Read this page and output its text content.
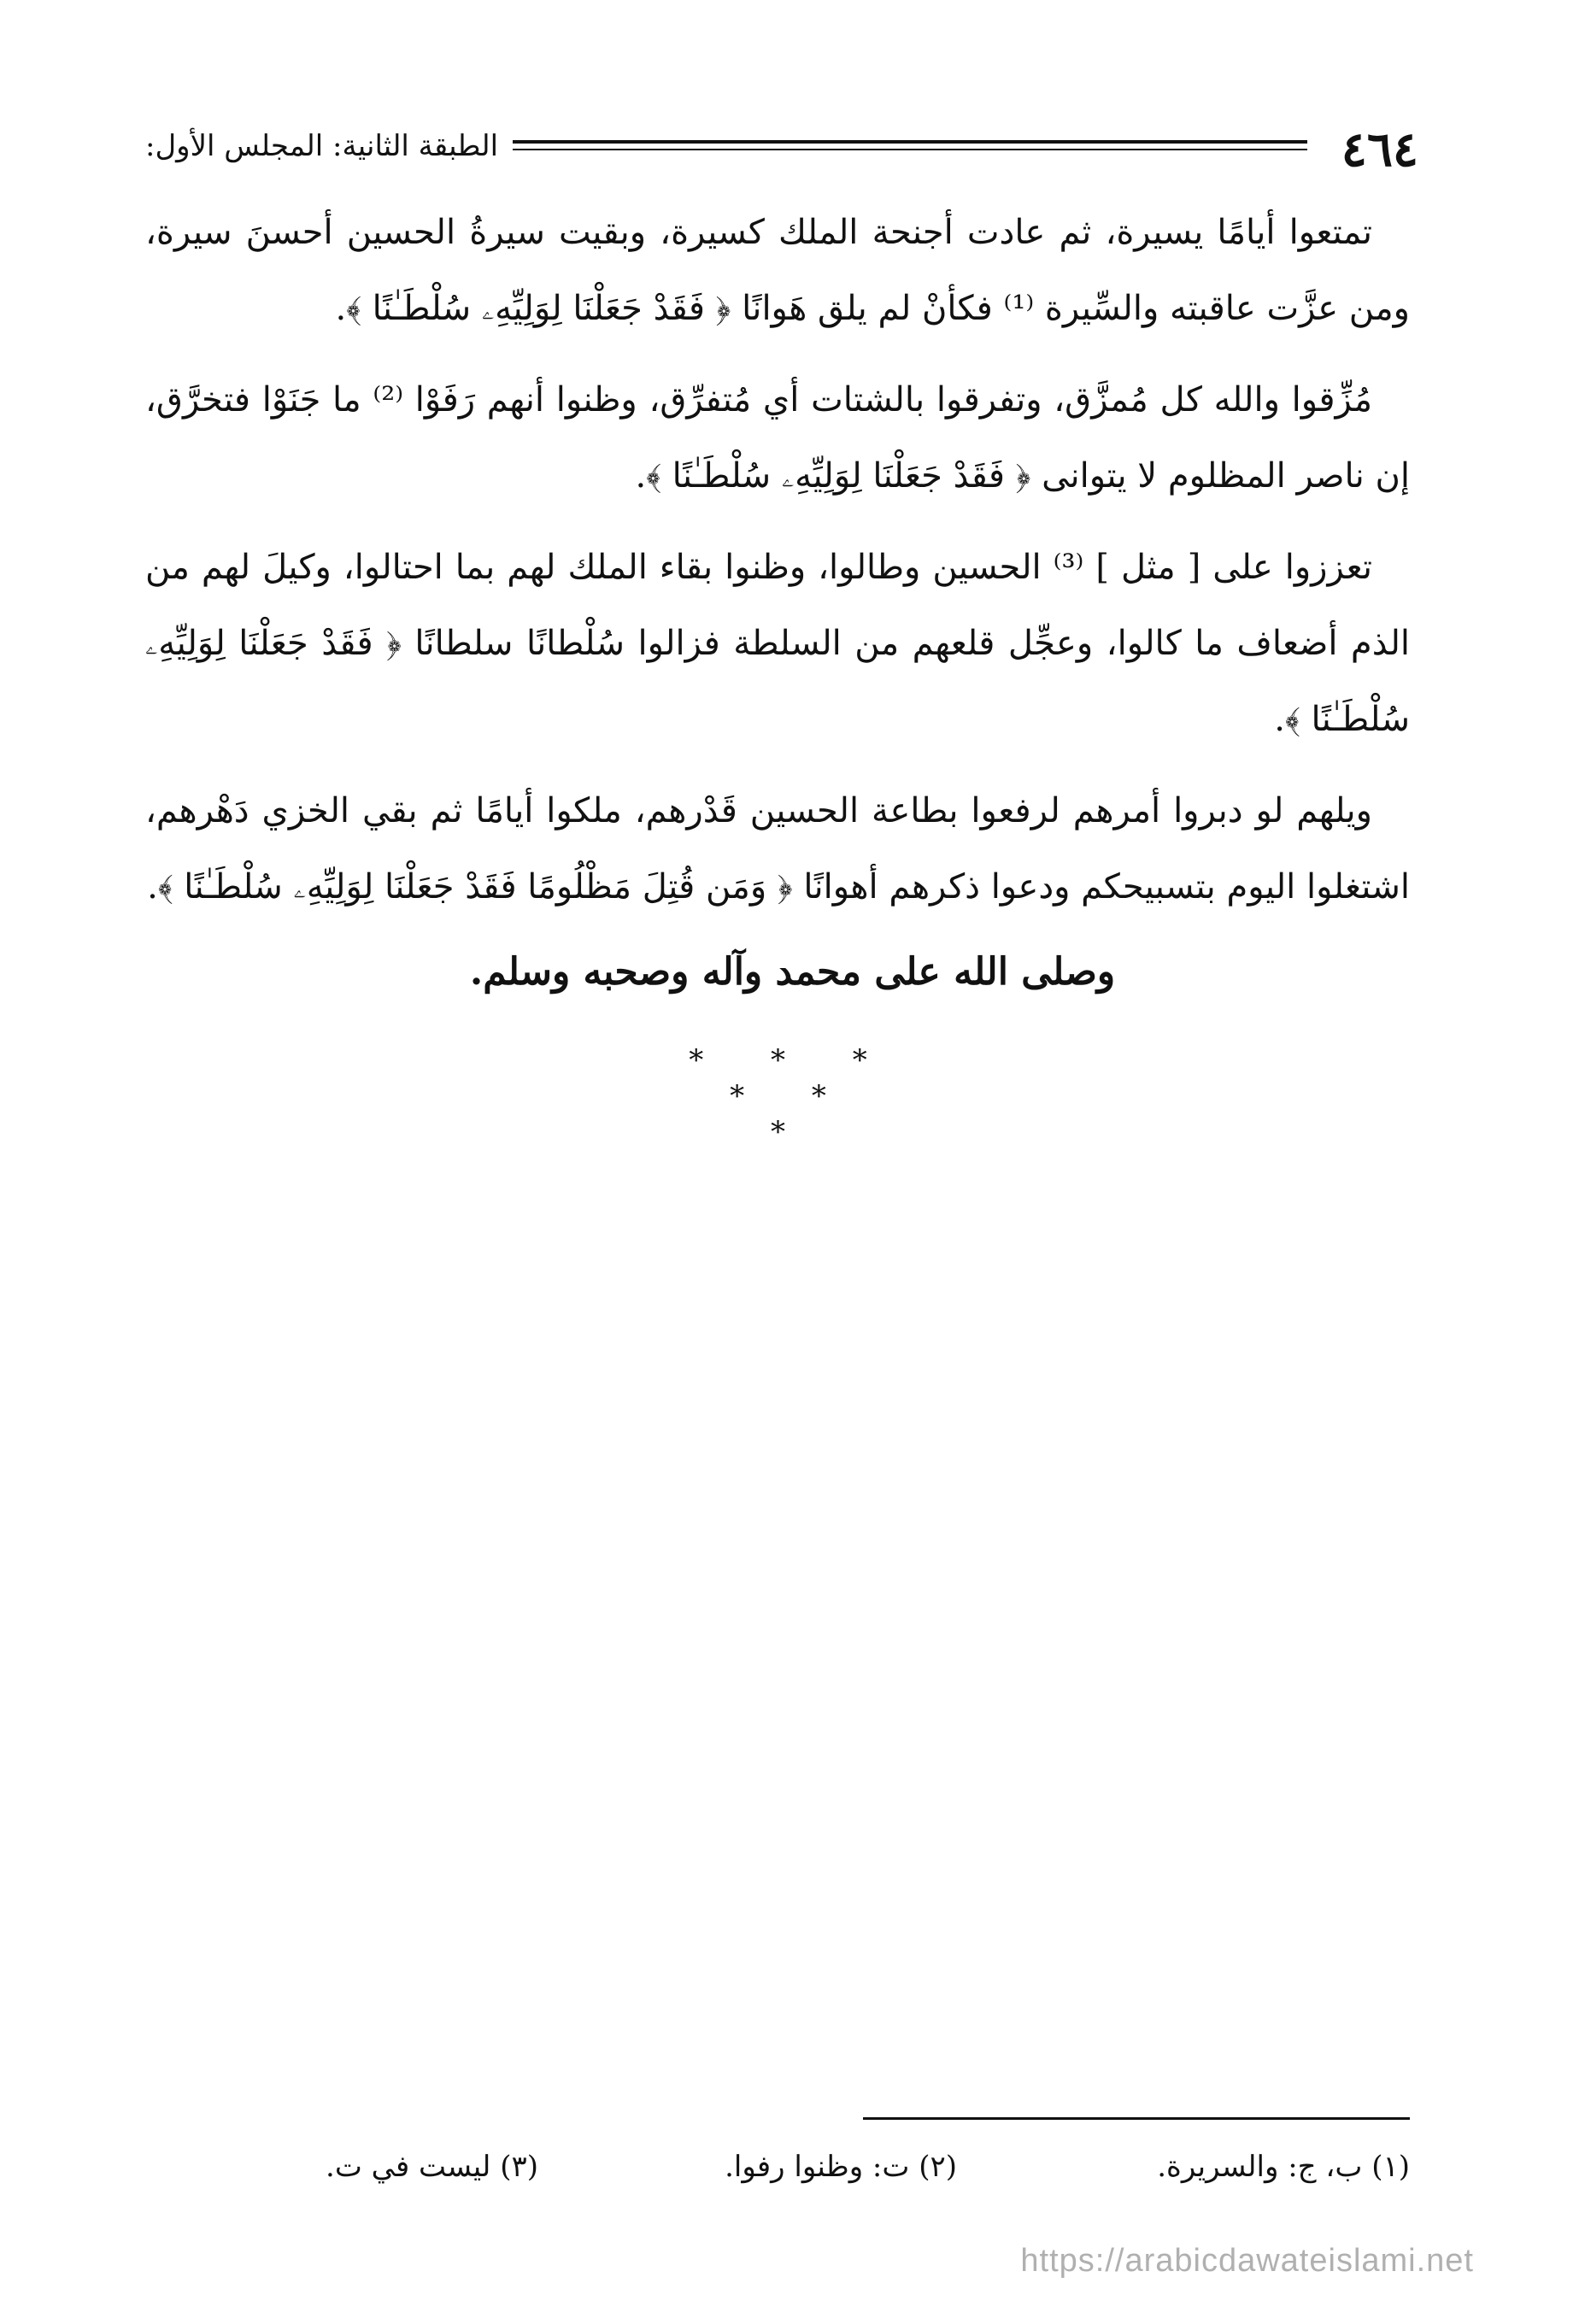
٤٦٤
الطبقة الثانية: المجلس الأول:

تمتعوا أيامًا يسيرة، ثم عادت أجنحة الملك كسيرة، وبقيت سيرةُ الحسين أحسنَ سيرة، ومن عزَّت عاقبته والسِّيرة ⁽¹⁾ فكأنْ لم يلق هَوانًا ﴿ فَقَدْ جَعَلْنَا لِوَلِيِّهِۦ سُلْطَـٰنًا ﴾.

مُزِّقوا والله كل مُمزَّق، وتفرقوا بالشتات أي مُتفرِّق، وظنوا أنهم رَفَوْا ⁽²⁾ ما جَنَوْا فتخرَّق، إن ناصر المظلوم لا يتوانى ﴿ فَقَدْ جَعَلْنَا لِوَلِيِّهِۦ سُلْطَـٰنًا ﴾.

تعززوا على [ مثل ] ⁽³⁾ الحسين وطالوا، وظنوا بقاء الملك لهم بما احتالوا، وكيلَ لهم من الذم أضعاف ما كالوا، وعجِّل قلعهم من السلطة فزالوا سُلْطانًا سلطانًا ﴿ فَقَدْ جَعَلْنَا لِوَلِيِّهِۦ سُلْطَـٰنًا ﴾.

ويلهم لو دبروا أمرهم لرفعوا بطاعة الحسين قَدْرهم، ملكوا أيامًا ثم بقي الخزي دَهْرهم، اشتغلوا اليوم بتسبيحكم ودعوا ذكرهم أهوانًا ﴿ وَمَن قُتِلَ مَظْلُومًا فَقَدْ جَعَلْنَا لِوَلِيِّهِۦ سُلْطَـٰنًا ﴾.

وصلى الله على محمد وآله وصحبه وسلم.
* * *
* *
*
(١) ب، ج: والسريرة.
(٢) ت: وظنوا رفوا.
(٣) ليست في ت.
https://arabicdawateislami.net
